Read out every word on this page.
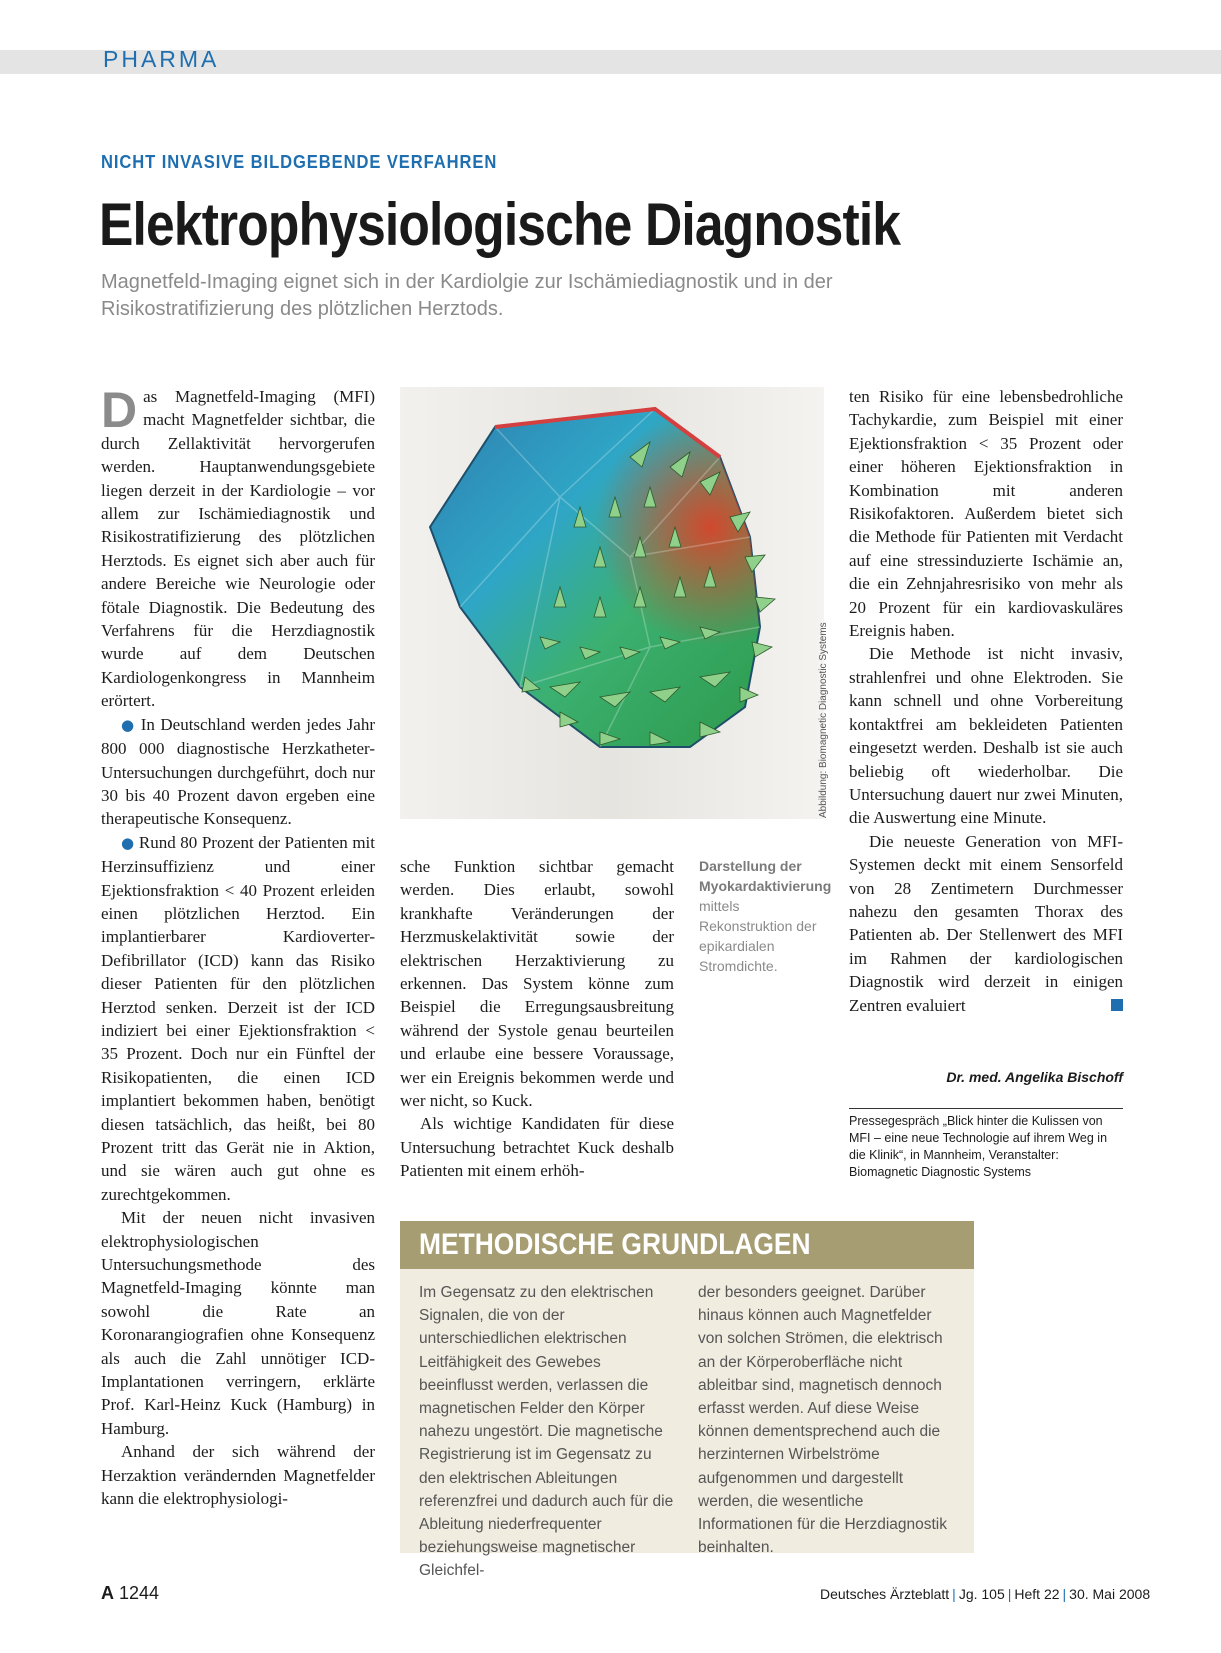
PHARMA
NICHT INVASIVE BILDGEBENDE VERFAHREN
Elektrophysiologische Diagnostik
Magnetfeld-Imaging eignet sich in der Kardiolgie zur Ischämiediagnostik und in der Risikostratifizierung des plötzlichen Herztods.

Das Magnetfeld-Imaging (MFI) macht Magnetfelder sichtbar, die durch Zellaktivität hervorgerufen werden. Hauptanwendungsgebiete liegen derzeit in der Kardiologie – vor allem zur Ischämiediagnostik und Risikostratifizierung des plötzlichen Herztods. Es eignet sich aber auch für andere Bereiche wie Neurologie oder fötale Diagnostik. Die Bedeutung des Verfahrens für die Herzdiagnostik wurde auf dem Deutschen Kardiologenkongress in Mannheim erörtert.

● In Deutschland werden jedes Jahr 800 000 diagnostische Herzkatheter-Untersuchungen durchgeführt, doch nur 30 bis 40 Prozent davon ergeben eine therapeutische Konsequenz.

● Rund 80 Prozent der Patienten mit Herzinsuffizienz und einer Ejektionsfraktion < 40 Prozent erleiden einen plötzlichen Herztod. Ein implantierbarer Kardioverter-Defibrillator (ICD) kann das Risiko dieser Patienten für den plötzlichen Herztod senken. Derzeit ist der ICD indiziert bei einer Ejektionsfraktion < 35 Prozent. Doch nur ein Fünftel der Risikopatienten, die einen ICD implantiert bekommen haben, benötigt diesen tatsächlich, das heißt, bei 80 Prozent tritt das Gerät nie in Aktion, und sie wären auch gut ohne es zurechtgekommen.

Mit der neuen nicht invasiven elektrophysiologischen Untersuchungsmethode des Magnetfeld-Imaging könnte man sowohl die Rate an Koronarangiografien ohne Konsequenz als auch die Zahl unnötiger ICD-Implantationen verringern, erklärte Prof. Karl-Heinz Kuck (Hamburg) in Hamburg.

Anhand der sich während der Herzaktion verändernden Magnetfelder kann die elektrophysiologi-

Abbildung: Biomagnetic Diagnostic Systems

sche Funktion sichtbar gemacht werden. Dies erlaubt, sowohl krankhafte Veränderungen der Herzmuskelaktivität sowie der elektrischen Herzaktivierung zu erkennen. Das System könne zum Beispiel die Erregungsausbreitung während der Systole genau beurteilen und erlaube eine bessere Voraussage, wer ein Ereignis bekommen werde und wer nicht, so Kuck.

Als wichtige Kandidaten für diese Untersuchung betrachtet Kuck deshalb Patienten mit einem erhöh-

Darstellung der Myokardaktivierung mittels Rekonstruktion der epikardialen Stromdichte.

ten Risiko für eine lebensbedrohliche Tachykardie, zum Beispiel mit einer Ejektionsfraktion < 35 Prozent oder einer höheren Ejektionsfraktion in Kombination mit anderen Risikofaktoren. Außerdem bietet sich die Methode für Patienten mit Verdacht auf eine stressinduzierte Ischämie an, die ein Zehnjahresrisiko von mehr als 20 Prozent für ein kardiovaskuläres Ereignis haben.

Die Methode ist nicht invasiv, strahlenfrei und ohne Elektroden. Sie kann schnell und ohne Vorbereitung kontaktfrei am bekleideten Patienten eingesetzt werden. Deshalb ist sie auch beliebig oft wiederholbar. Die Untersuchung dauert nur zwei Minuten, die Auswertung eine Minute.

Die neueste Generation von MFI-Systemen deckt mit einem Sensorfeld von 28 Zentimetern Durchmesser nahezu den gesamten Thorax des Patienten ab. Der Stellenwert des MFI im Rahmen der kardiologischen Diagnostik wird derzeit in einigen Zentren evaluiert

Dr. med. Angelika Bischoff
Pressegespräch „Blick hinter die Kulissen von MFI – eine neue Technologie auf ihrem Weg in die Klinik“, in Mannheim, Veranstalter: Biomagnetic Diagnostic Systems
METHODISCHE GRUNDLAGEN
Im Gegensatz zu den elektrischen Signalen, die von der unterschiedlichen elektrischen Leitfähigkeit des Gewebes beeinflusst werden, verlassen die magnetischen Felder den Körper nahezu ungestört. Die magnetische Registrierung ist im Gegensatz zu den elektrischen Ableitungen referenzfrei und dadurch auch für die Ableitung niederfrequenter beziehungsweise magnetischer Gleichfel-
der besonders geeignet. Darüber hinaus können auch Magnetfelder von solchen Strömen, die elektrisch an der Körperoberfläche nicht ableitbar sind, magnetisch dennoch erfasst werden. Auf diese Weise können dementsprechend auch die herzinternen Wirbelströme aufgenommen und dargestellt werden, die wesentliche Informationen für die Herzdiagnostik beinhalten.
A 1244	Deutsches Ärzteblatt | Jg. 105 | Heft 22 | 30. Mai 2008
